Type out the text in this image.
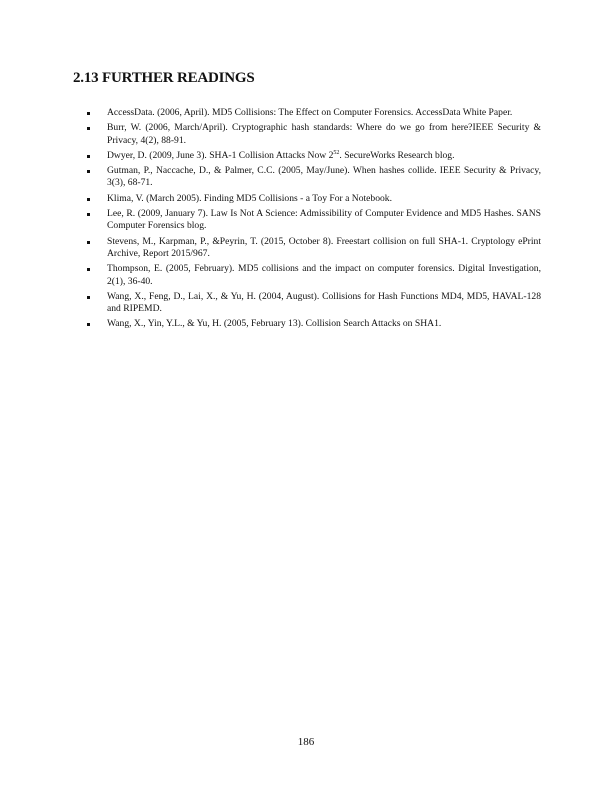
2.13 FURTHER READINGS
AccessData. (2006, April). MD5 Collisions: The Effect on Computer Forensics. AccessData White Paper.
Burr, W. (2006, March/April). Cryptographic hash standards: Where do we go from here?IEEE Security & Privacy, 4(2), 88-91.
Dwyer, D. (2009, June 3). SHA-1 Collision Attacks Now 2$^{52}$. SecureWorks Research blog.
Gutman, P., Naccache, D., & Palmer, C.C. (2005, May/June). When hashes collide. IEEE Security & Privacy, 3(3), 68-71.
Klima, V. (March 2005). Finding MD5 Collisions - a Toy For a Notebook.
Lee, R. (2009, January 7). Law Is Not A Science: Admissibility of Computer Evidence and MD5 Hashes. SANS Computer Forensics blog.
Stevens, M., Karpman, P., &Peyrin, T. (2015, October 8). Freestart collision on full SHA-1. Cryptology ePrint Archive, Report 2015/967.
Thompson, E. (2005, February). MD5 collisions and the impact on computer forensics. Digital Investigation, 2(1), 36-40.
Wang, X., Feng, D., Lai, X., & Yu, H. (2004, August). Collisions for Hash Functions MD4, MD5, HAVAL-128 and RIPEMD.
Wang, X., Yin, Y.L., & Yu, H. (2005, February 13). Collision Search Attacks on SHA1.
186
